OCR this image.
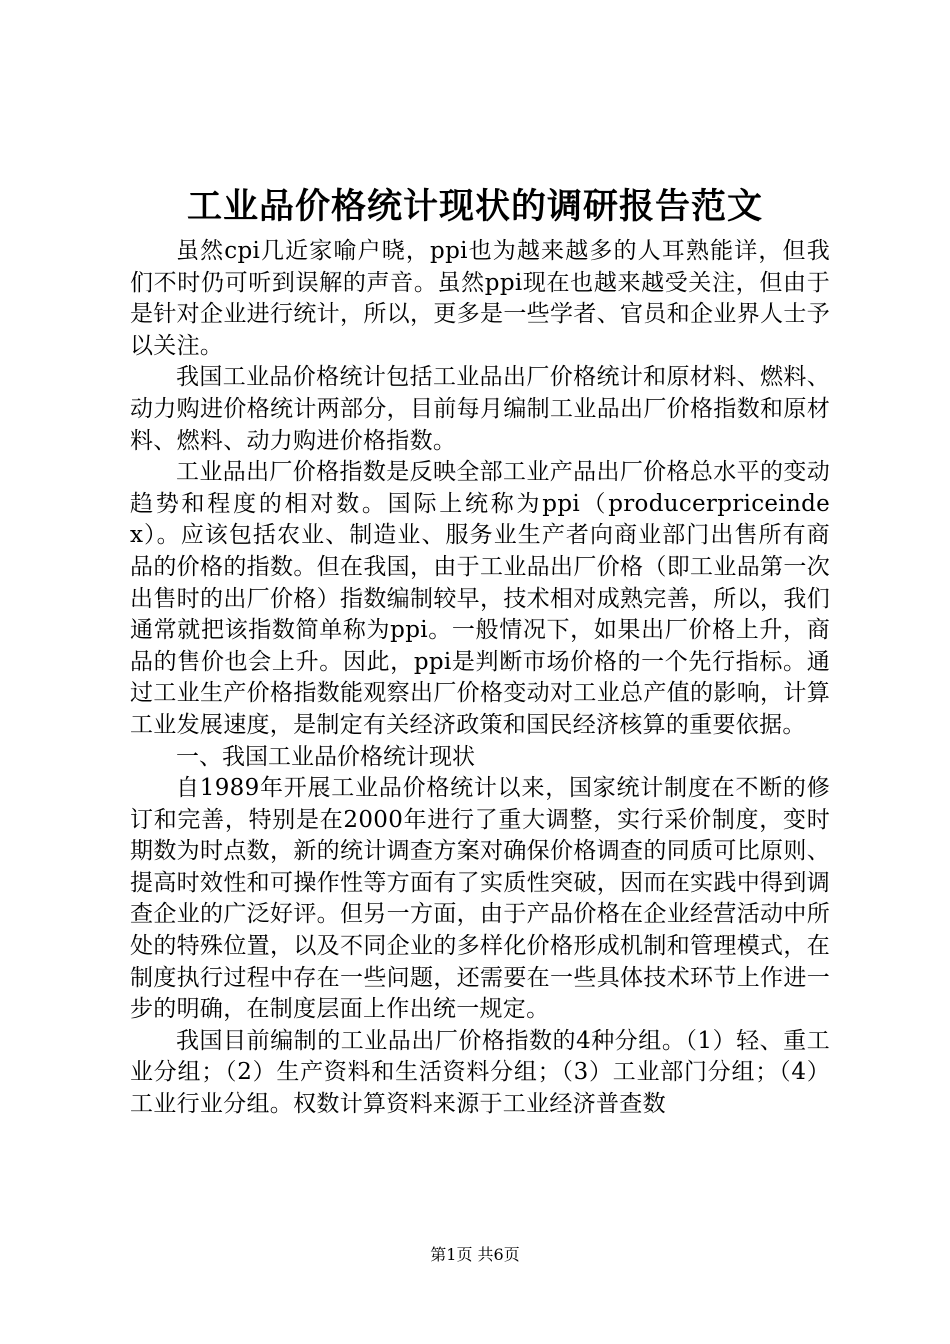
工业品价格统计现状的调研报告范文

虽然cpi几近家喻户晓，ppi也为越来越多的人耳熟能详，但我们不时仍可听到误解的声音。虽然ppi现在也越来越受关注，但由于是针对企业进行统计，所以，更多是一些学者、官员和企业界人士予以关注。

我国工业品价格统计包括工业品出厂价格统计和原材料、燃料、动力购进价格统计两部分，目前每月编制工业品出厂价格指数和原材料、燃料、动力购进价格指数。

工业品出厂价格指数是反映全部工业产品出厂价格总水平的变动趋势和程度的相对数。国际上统称为ppi（producerpriceindex）。应该包括农业、制造业、服务业生产者向商业部门出售所有商品的价格的指数。但在我国，由于工业品出厂价格（即工业品第一次出售时的出厂价格）指数编制较早，技术相对成熟完善，所以，我们通常就把该指数简单称为ppi。一般情况下，如果出厂价格上升，商品的售价也会上升。因此，ppi是判断市场价格的一个先行指标。通过工业生产价格指数能观察出厂价格变动对工业总产值的影响，计算工业发展速度，是制定有关经济政策和国民经济核算的重要依据。

一、我国工业品价格统计现状

自1989年开展工业品价格统计以来，国家统计制度在不断的修订和完善，特别是在2000年进行了重大调整，实行采价制度，变时期数为时点数，新的统计调查方案对确保价格调查的同质可比原则、提高时效性和可操作性等方面有了实质性突破，因而在实践中得到调查企业的广泛好评。但另一方面，由于产品价格在企业经营活动中所处的特殊位置，以及不同企业的多样化价格形成机制和管理模式，在制度执行过程中存在一些问题，还需要在一些具体技术环节上作进一步的明确，在制度层面上作出统一规定。

我国目前编制的工业品出厂价格指数的4种分组。（1）轻、重工业分组；（2）生产资料和生活资料分组；（3）工业部门分组；（4）工业行业分组。权数计算资料来源于工业经济普查数

第1页 共6页
